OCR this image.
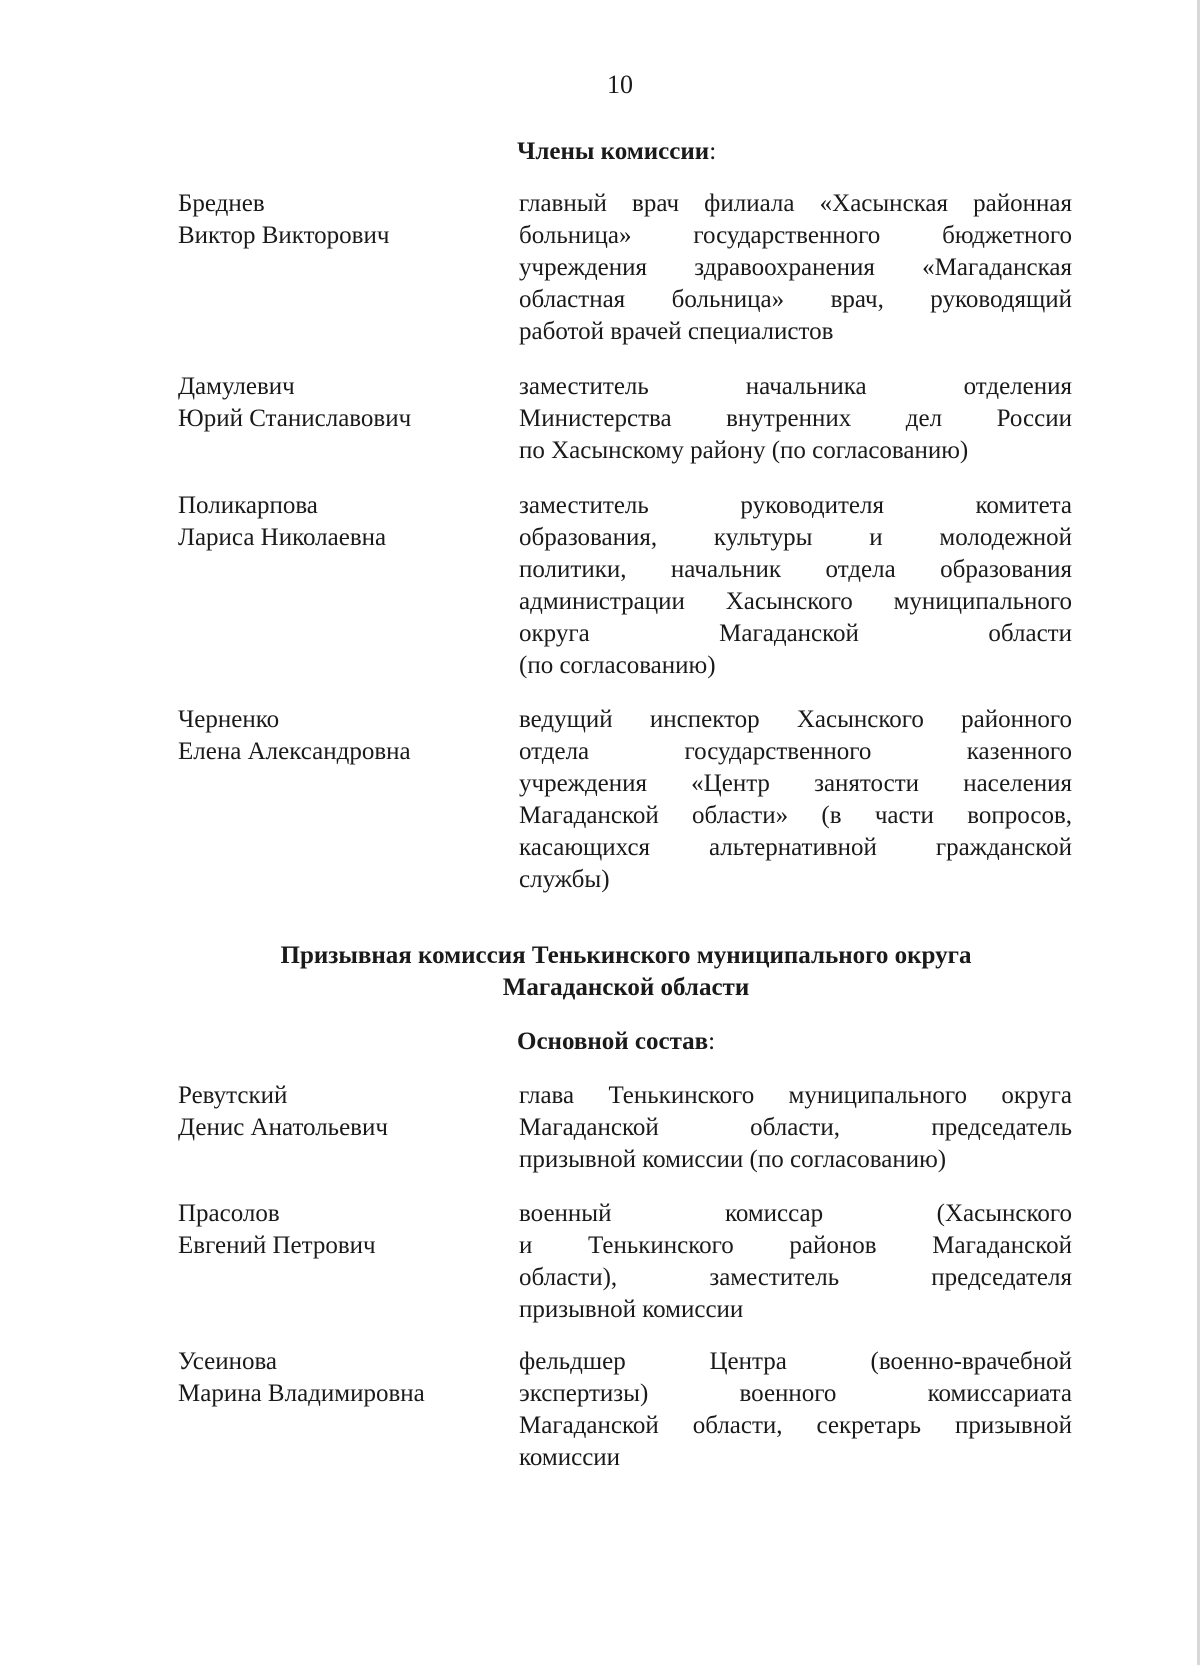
10
Члены комиссии:
Бреднев
Виктор Викторович
главный врач филиала «Хасынская районная
больница» государственного бюджетного
учреждения здравоохранения «Магаданская
областная больница» врач, руководящий
работой врачей специалистов
Дамулевич
Юрий Станиславович
заместитель начальника отделения
Министерства внутренних дел России
по Хасынскому району (по согласованию)
Поликарпова
Лариса Николаевна
заместитель руководителя комитета
образования, культуры и молодежной
политики, начальник отдела образования
администрации Хасынского муниципального
округа Магаданской области
(по согласованию)
Черненко
Елена Александровна
ведущий инспектор Хасынского районного
отдела государственного казенного
учреждения «Центр занятости населения
Магаданской области» (в части вопросов,
касающихся альтернативной гражданской
службы)
Призывная комиссия Тенькинского муниципального округа
Магаданской области
Основной состав:
Ревутский
Денис Анатольевич
глава Тенькинского муниципального округа
Магаданской области, председатель
призывной комиссии (по согласованию)
Прасолов
Евгений Петрович
военный комиссар (Хасынского
и Тенькинского районов Магаданской
области), заместитель председателя
призывной комиссии
Усеинова
Марина Владимировна
фельдшер Центра (военно-врачебной
экспертизы) военного комиссариата
Магаданской области, секретарь призывной
комиссии
